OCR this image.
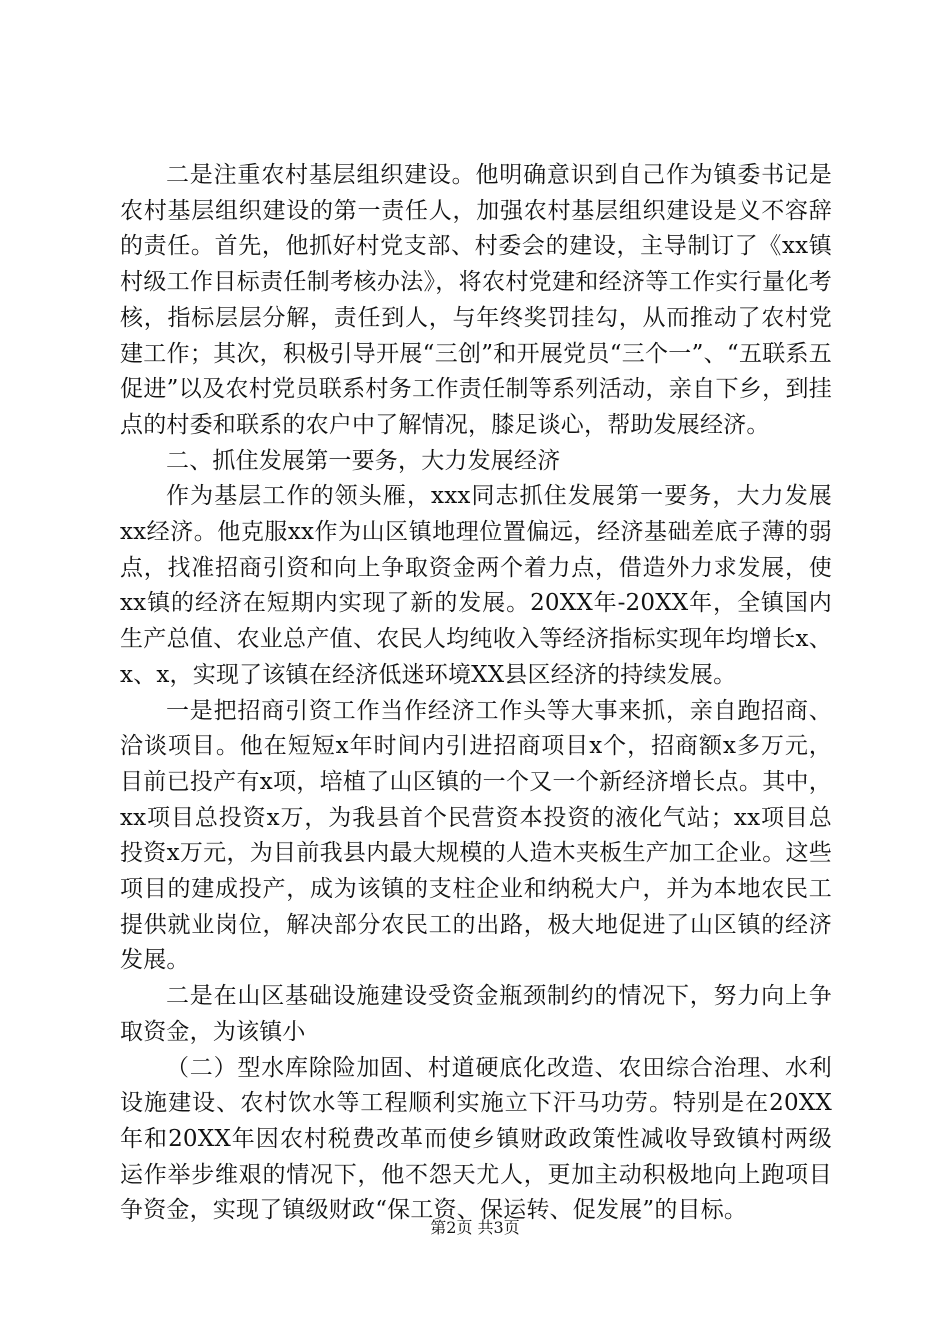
二是注重农村基层组织建设。他明确意识到自己作为镇委书记是农村基层组织建设的第一责任人，加强农村基层组织建设是义不容辞的责任。首先，他抓好村党支部、村委会的建设，主导制订了《xx镇村级工作目标责任制考核办法》，将农村党建和经济等工作实行量化考核，指标层层分解，责任到人，与年终奖罚挂勾，从而推动了农村党建工作；其次，积极引导开展“三创”和开展党员“三个一”、“五联系五促进”以及农村党员联系村务工作责任制等系列活动，亲自下乡，到挂点的村委和联系的农户中了解情况，膝足谈心，帮助发展经济。

二、抓住发展第一要务，大力发展经济

作为基层工作的领头雁，xxx同志抓住发展第一要务，大力发展xx经济。他克服xx作为山区镇地理位置偏远，经济基础差底子薄的弱点，找准招商引资和向上争取资金两个着力点，借造外力求发展，使xx镇的经济在短期内实现了新的发展。20XX年-20XX年，全镇国内生产总值、农业总产值、农民人均纯收入等经济指标实现年均增长x、x、x，实现了该镇在经济低迷环境XX县区经济的持续发展。

一是把招商引资工作当作经济工作头等大事来抓，亲自跑招商、洽谈项目。他在短短x年时间内引进招商项目x个，招商额x多万元，目前已投产有x项，培植了山区镇的一个又一个新经济增长点。其中，xx项目总投资x万，为我县首个民营资本投资的液化气站；xx项目总投资x万元，为目前我县内最大规模的人造木夹板生产加工企业。这些项目的建成投产，成为该镇的支柱企业和纳税大户，并为本地农民工提供就业岗位，解决部分农民工的出路，极大地促进了山区镇的经济发展。

二是在山区基础设施建设受资金瓶颈制约的情况下，努力向上争取资金，为该镇小

（二）型水库除险加固、村道硬底化改造、农田综合治理、水利设施建设、农村饮水等工程顺利实施立下汗马功劳。特别是在20XX年和20XX年因农村税费改革而使乡镇财政政策性减收导致镇村两级运作举步维艰的情况下，他不怨天尤人，更加主动积极地向上跑项目争资金，实现了镇级财政“保工资、保运转、促发展”的目标。

第2页 共3页
